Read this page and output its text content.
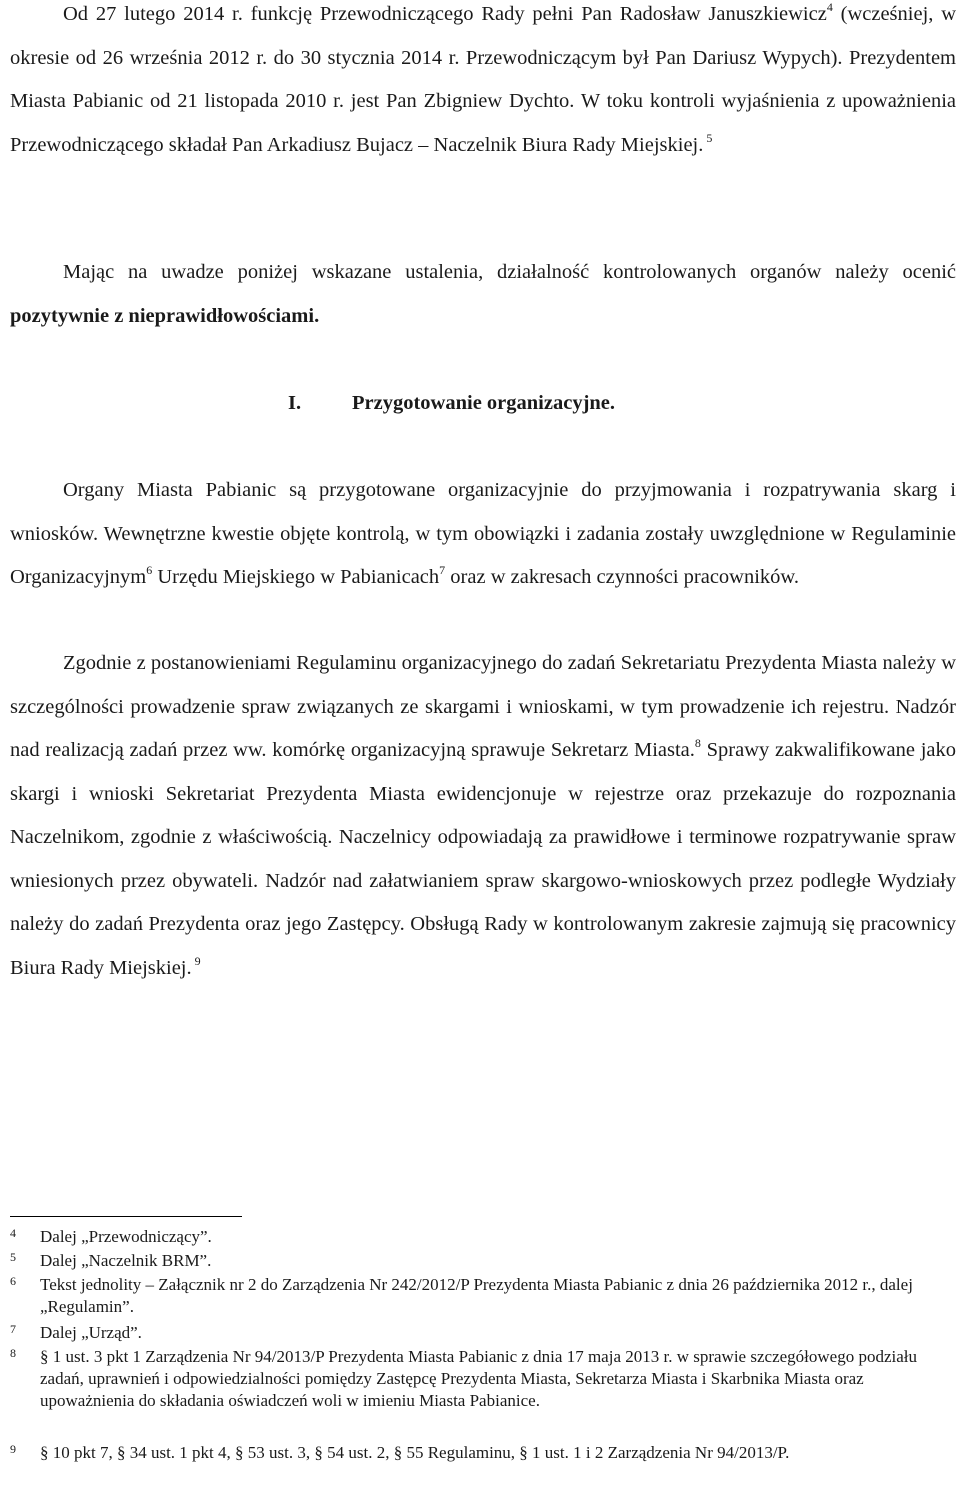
Od 27 lutego 2014 r. funkcję Przewodniczącego Rady pełni Pan Radosław Januszkiewicz$^4$ (wcześniej, w okresie od 26 września 2012 r. do 30 stycznia 2014 r. Przewodniczącym był Pan Dariusz Wypych). Prezydentem Miasta Pabianic od 21 listopada 2010 r. jest Pan Zbigniew Dychto. W toku kontroli wyjaśnienia z upoważnienia Przewodniczącego składał Pan Arkadiusz Bujacz – Naczelnik Biura Rady Miejskiej. $^5$

Mając na uwadze poniżej wskazane ustalenia, działalność kontrolowanych organów należy ocenić pozytywnie z nieprawidłowościami.

I. Przygotowanie organizacyjne.

Organy Miasta Pabianic są przygotowane organizacyjnie do przyjmowania i rozpatrywania skarg i wniosków. Wewnętrzne kwestie objęte kontrolą, w tym obowiązki i zadania zostały uwzględnione w Regulaminie Organizacyjnym$^6$ Urzędu Miejskiego w Pabianicach$^7$ oraz w zakresach czynności pracowników.

Zgodnie z postanowieniami Regulaminu organizacyjnego do zadań Sekretariatu Prezydenta Miasta należy w szczególności prowadzenie spraw związanych ze skargami i wnioskami, w tym prowadzenie ich rejestru. Nadzór nad realizacją zadań przez ww. komórkę organizacyjną sprawuje Sekretarz Miasta.$^8$ Sprawy zakwalifikowane jako skargi i wnioski Sekretariat Prezydenta Miasta ewidencjonuje w rejestrze oraz przekazuje do rozpoznania Naczelnikom, zgodnie z właściwością. Naczelnicy odpowiadają za prawidłowe i terminowe rozpatrywanie spraw wniesionych przez obywateli. Nadzór nad załatwianiem spraw skargowo-wnioskowych przez podległe Wydziały należy do zadań Prezydenta oraz jego Zastępcy. Obsługą Rady w kontrolowanym zakresie zajmują się pracownicy Biura Rady Miejskiej. $^9$

4	Dalej „Przewodniczący”.

5	Dalej „Naczelnik BRM”.

6	Tekst jednolity – Załącznik nr 2 do Zarządzenia Nr 242/2012/P Prezydenta Miasta Pabianic z dnia 26 października 2012 r., dalej „Regulamin”.

7	Dalej „Urząd”.

8	§ 1 ust. 3 pkt 1 Zarządzenia Nr 94/2013/P Prezydenta Miasta Pabianic z dnia 17 maja 2013 r. w sprawie szczegółowego podziału zadań, uprawnień i odpowiedzialności pomiędzy Zastępcę Prezydenta Miasta, Sekretarza Miasta i Skarbnika Miasta oraz upoważnienia do składania oświadczeń woli w imieniu Miasta Pabianice.

9	§ 10 pkt 7, § 34 ust. 1 pkt 4, § 53 ust. 3, § 54 ust. 2, § 55 Regulaminu, § 1 ust. 1 i 2 Zarządzenia Nr 94/2013/P.
